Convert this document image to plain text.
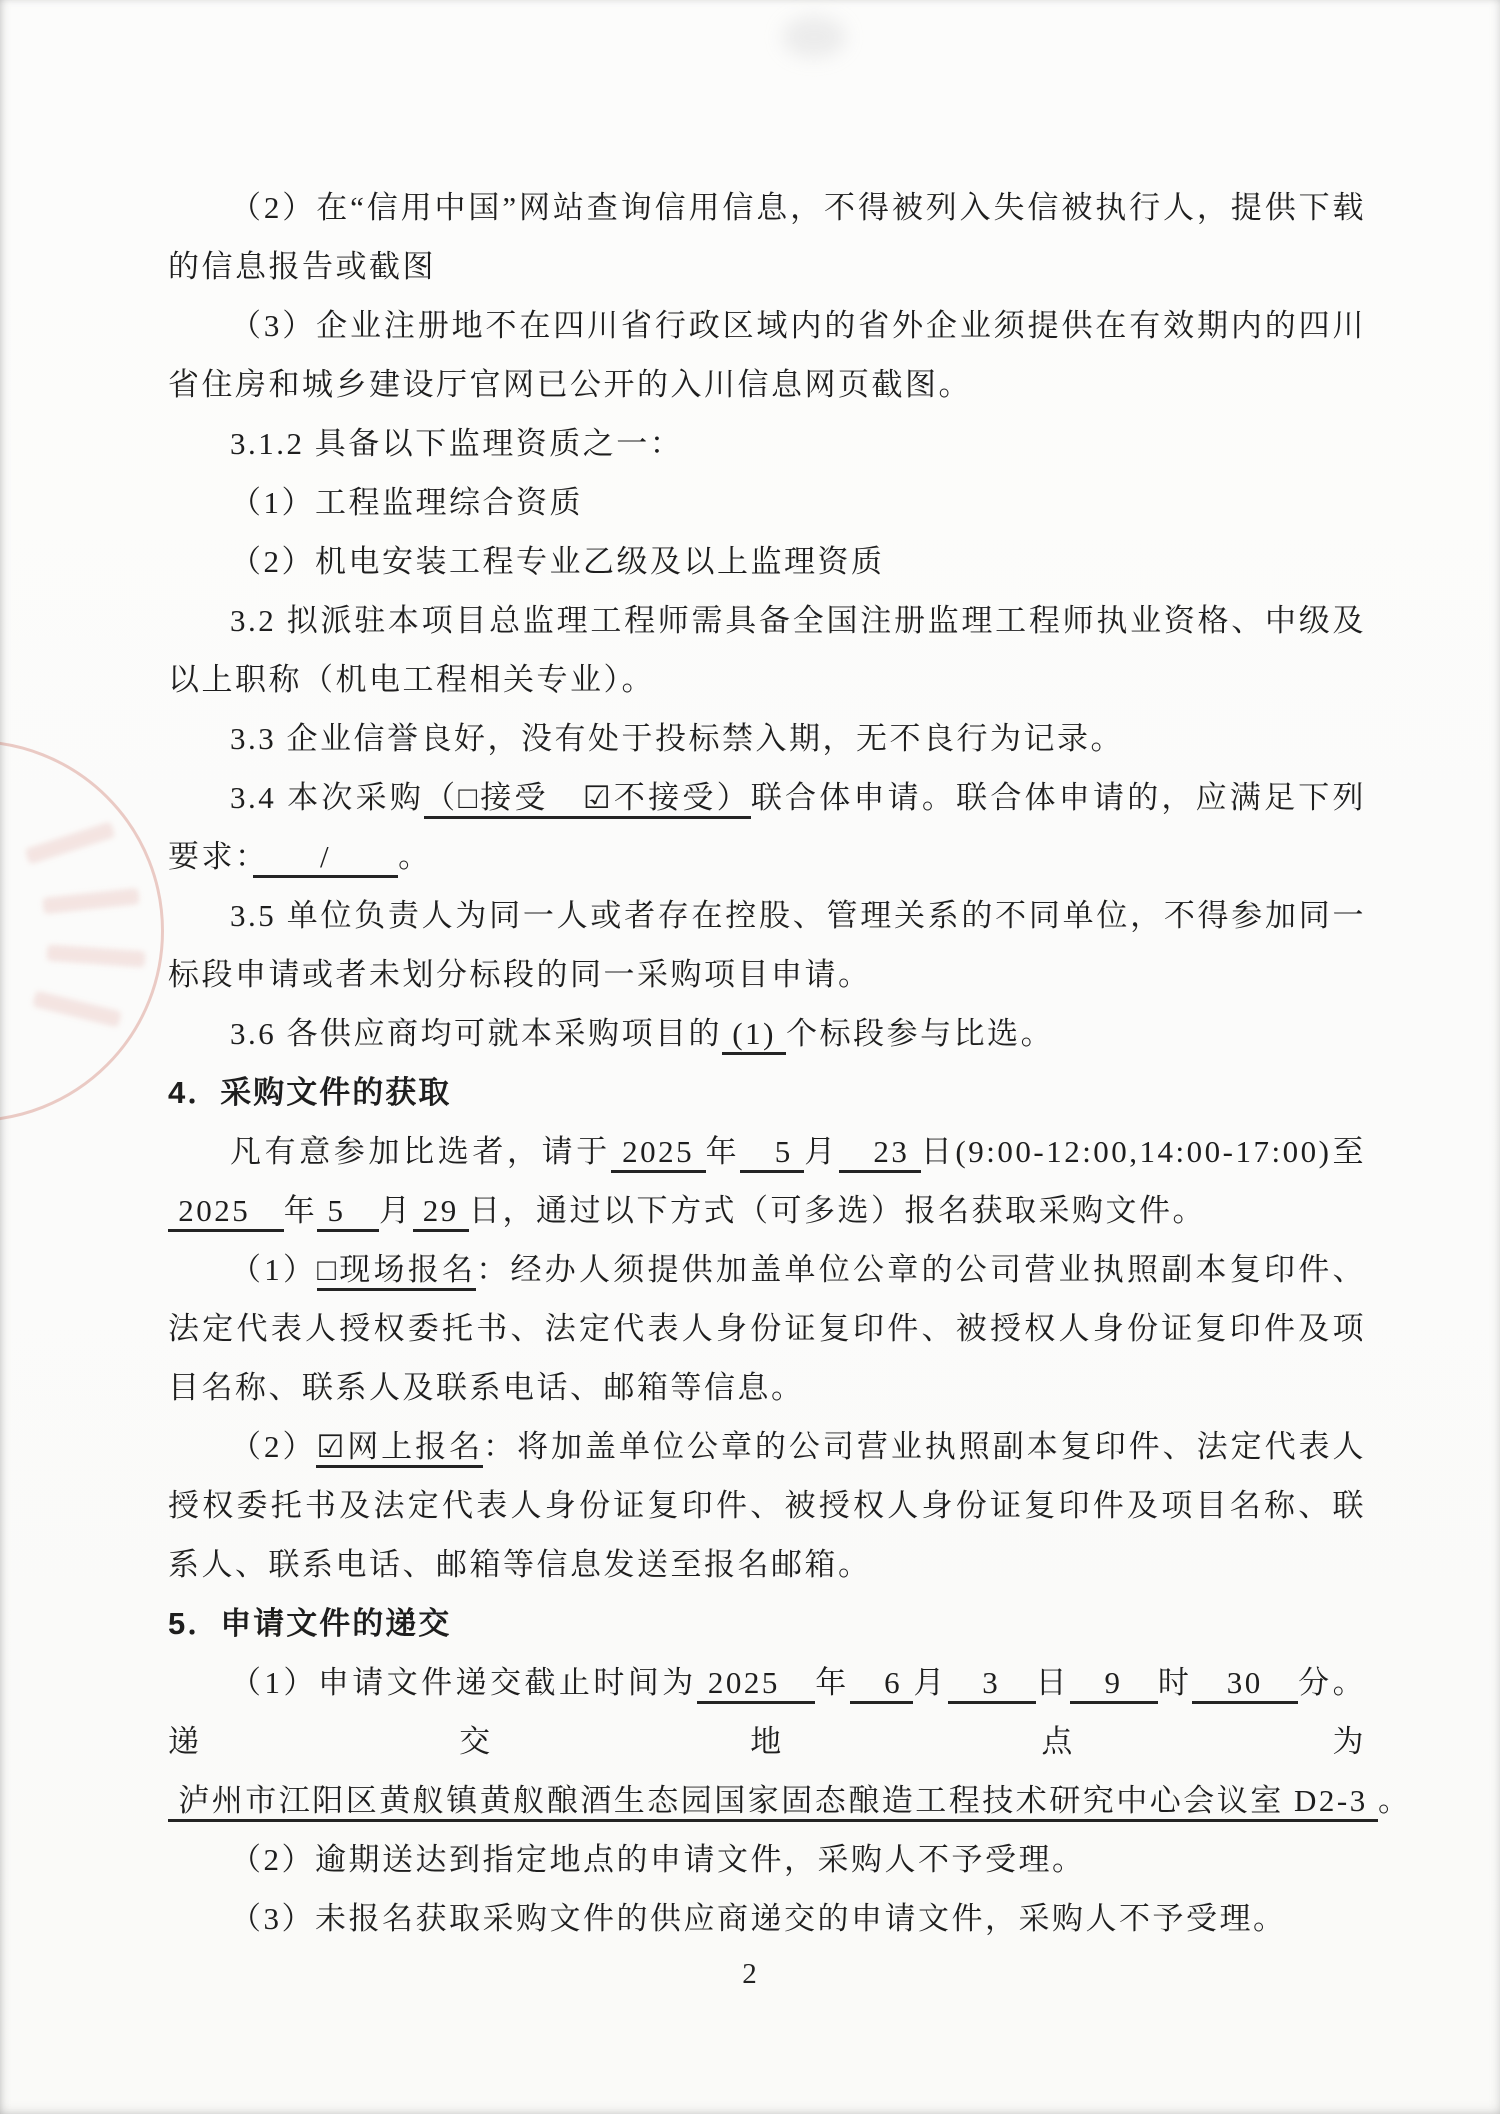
（2）在“信用中国”网站查询信用信息，不得被列入失信被执行人，提供下载的信息报告或截图

（3）企业注册地不在四川省行政区域内的省外企业须提供在有效期内的四川省住房和城乡建设厅官网已公开的入川信息网页截图。

3.1.2 具备以下监理资质之一：

（1）工程监理综合资质

（2）机电安装工程专业乙级及以上监理资质

3.2 拟派驻本项目总监理工程师需具备全国注册监理工程师执业资格、中级及以上职称（机电工程相关专业）。

3.3 企业信誉良好，没有处于投标禁入期，无不良行为记录。

3.4 本次采购（□接受　☑不接受）联合体申请。联合体申请的，应满足下列要求：　　/　　。

3.5 单位负责人为同一人或者存在控股、管理关系的不同单位，不得参加同一标段申请或者未划分标段的同一采购项目申请。

3.6 各供应商均可就本采购项目的 (1) 个标段参与比选。

4．采购文件的获取

凡有意参加比选者，请于 2025 年　5 月　23 日(9:00-12:00,14:00-17:00)至 2025　年 5　月 29 日，通过以下方式（可多选）报名获取采购文件。

（1）□现场报名：经办人须提供加盖单位公章的公司营业执照副本复印件、法定代表人授权委托书、法定代表人身份证复印件、被授权人身份证复印件及项目名称、联系人及联系电话、邮箱等信息。

（2）☑网上报名：将加盖单位公章的公司营业执照副本复印件、法定代表人授权委托书及法定代表人身份证复印件、被授权人身份证复印件及项目名称、联系人、联系电话、邮箱等信息发送至报名邮箱。

5．申请文件的递交

（1）申请文件递交截止时间为 2025　年　6 月　3　日　9　时　30　分。递交地点为 泸州市江阳区黄舣镇黄舣酿酒生态园国家固态酿造工程技术研究中心会议室 D2-3 。

（2）逾期送达到指定地点的申请文件，采购人不予受理。

（3）未报名获取采购文件的供应商递交的申请文件，采购人不予受理。

2
